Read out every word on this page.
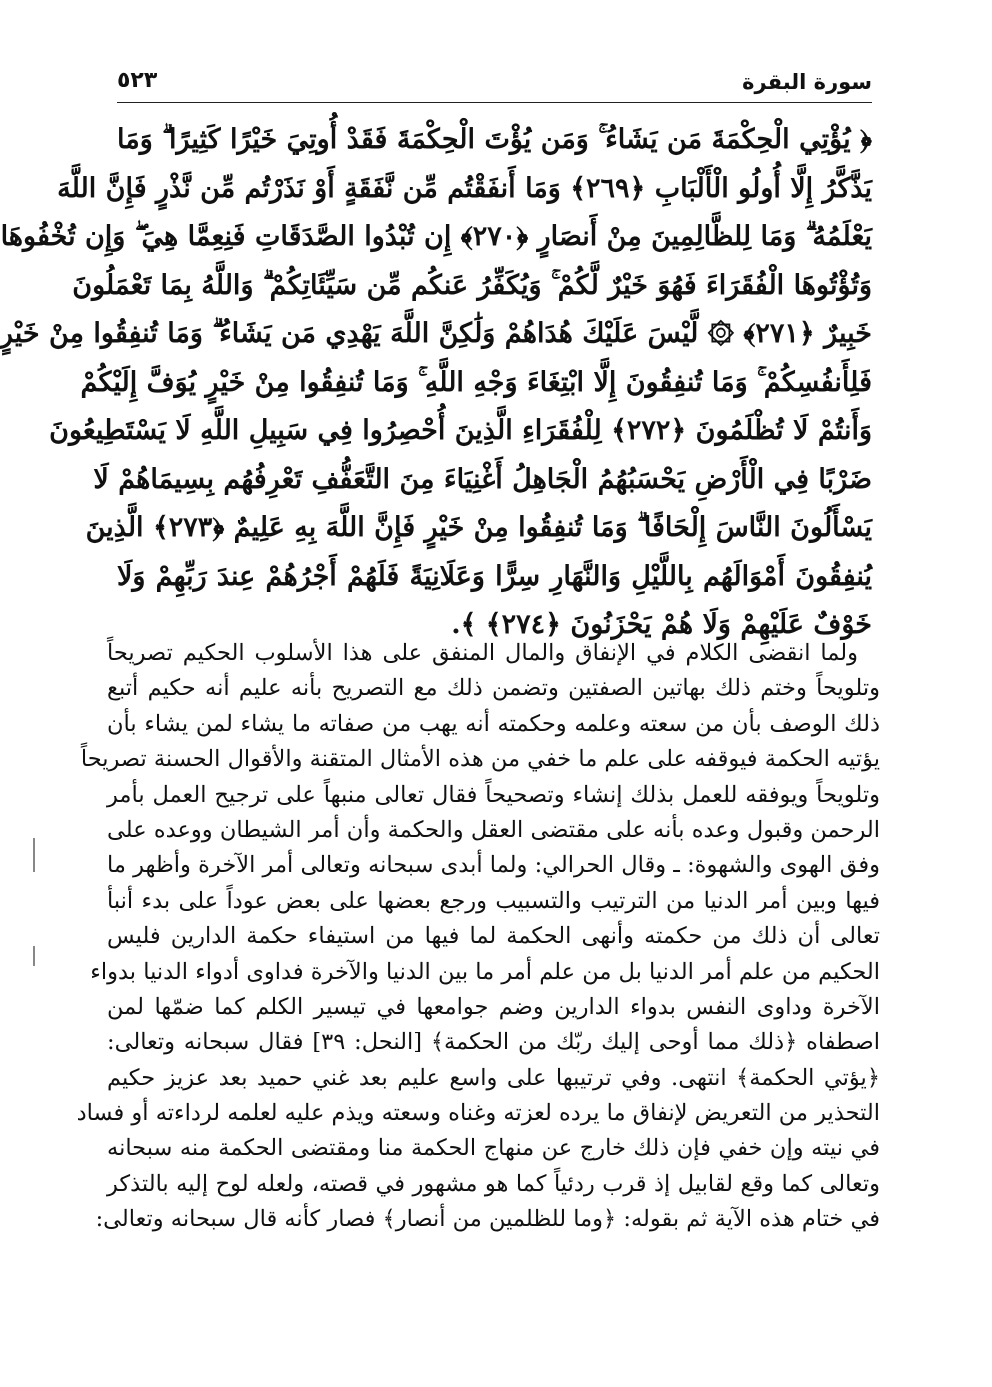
سورة البقرة
٥٢٣
﴿ يُؤْتِي الْحِكْمَةَ مَن يَشَاءُ ۚ وَمَن يُؤْتَ الْحِكْمَةَ فَقَدْ أُوتِيَ خَيْرًا كَثِيرًا ۗ وَمَا
يَذَّكَّرُ إِلَّا أُولُو الْأَلْبَابِ ﴿٢٦٩﴾ وَمَا أَنفَقْتُم مِّن نَّفَقَةٍ أَوْ نَذَرْتُم مِّن نَّذْرٍ فَإِنَّ اللَّهَ
يَعْلَمُهُ ۗ وَمَا لِلظَّالِمِينَ مِنْ أَنصَارٍ ﴿٢٧٠﴾ إِن تُبْدُوا الصَّدَقَاتِ فَنِعِمَّا هِيَ ۖ وَإِن تُخْفُوهَا
وَتُؤْتُوهَا الْفُقَرَاءَ فَهُوَ خَيْرٌ لَّكُمْ ۚ وَيُكَفِّرُ عَنكُم مِّن سَيِّئَاتِكُمْ ۗ وَاللَّهُ بِمَا تَعْمَلُونَ
خَبِيرٌ ﴿٢٧١﴾ ۞ لَّيْسَ عَلَيْكَ هُدَاهُمْ وَلَٰكِنَّ اللَّهَ يَهْدِي مَن يَشَاءُ ۗ وَمَا تُنفِقُوا مِنْ خَيْرٍ
فَلِأَنفُسِكُمْ ۚ وَمَا تُنفِقُونَ إِلَّا ابْتِغَاءَ وَجْهِ اللَّهِ ۚ وَمَا تُنفِقُوا مِنْ خَيْرٍ يُوَفَّ إِلَيْكُمْ
وَأَنتُمْ لَا تُظْلَمُونَ ﴿٢٧٢﴾ لِلْفُقَرَاءِ الَّذِينَ أُحْصِرُوا فِي سَبِيلِ اللَّهِ لَا يَسْتَطِيعُونَ
ضَرْبًا فِي الْأَرْضِ يَحْسَبُهُمُ الْجَاهِلُ أَغْنِيَاءَ مِنَ التَّعَفُّفِ تَعْرِفُهُم بِسِيمَاهُمْ لَا
يَسْأَلُونَ النَّاسَ إِلْحَافًا ۗ وَمَا تُنفِقُوا مِنْ خَيْرٍ فَإِنَّ اللَّهَ بِهِ عَلِيمٌ ﴿٢٧٣﴾ الَّذِينَ
يُنفِقُونَ أَمْوَالَهُم بِاللَّيْلِ وَالنَّهَارِ سِرًّا وَعَلَانِيَةً فَلَهُمْ أَجْرُهُمْ عِندَ رَبِّهِمْ وَلَا
خَوْفٌ عَلَيْهِمْ وَلَا هُمْ يَحْزَنُونَ ﴿٢٧٤﴾ ﴾.
ولما انقضى الكلام في الإنفاق والمال المنفق على هذا الأسلوب الحكيم تصريحاً
وتلويحاً وختم ذلك بهاتين الصفتين وتضمن ذلك مع التصريح بأنه عليم أنه حكيم أتبع
ذلك الوصف بأن من سعته وعلمه وحكمته أنه يهب من صفاته ما يشاء لمن يشاء بأن
يؤتيه الحكمة فيوقفه على علم ما خفي من هذه الأمثال المتقنة والأقوال الحسنة تصريحاً
وتلويحاً ويوفقه للعمل بذلك إنشاء وتصحيحاً فقال تعالى منبهاً على ترجيح العمل بأمر
الرحمن وقبول وعده بأنه على مقتضى العقل والحكمة وأن أمر الشيطان ووعده على
وفق الهوى والشهوة: ـ وقال الحرالي: ولما أبدى سبحانه وتعالى أمر الآخرة وأظهر ما
فيها وبين أمر الدنيا من الترتيب والتسبيب ورجع بعضها على بعض عوداً على بدء أنبأ
تعالى أن ذلك من حكمته وأنهى الحكمة لما فيها من استيفاء حكمة الدارين فليس
الحكيم من علم أمر الدنيا بل من علم أمر ما بين الدنيا والآخرة فداوى أدواء الدنيا بدواء
الآخرة وداوى النفس بدواء الدارين وضم جوامعها في تيسير الكلم كما ضمّها لمن
اصطفاه ﴿ذلك مما أوحى إليك ربّك من الحكمة﴾ [النحل: ٣٩] فقال سبحانه وتعالى:
﴿يؤتي الحكمة﴾ انتهى. وفي ترتيبها على واسع عليم بعد غني حميد بعد عزيز حكيم
التحذير من التعريض لإنفاق ما يرده لعزته وغناه وسعته ويذم عليه لعلمه لرداءته أو فساد
في نيته وإن خفي فإن ذلك خارج عن منهاج الحكمة منا ومقتضى الحكمة منه سبحانه
وتعالى كما وقع لقابيل إذ قرب ردئياً كما هو مشهور في قصته، ولعله لوح إليه بالتذكر
في ختام هذه الآية ثم بقوله: ﴿وما للظلمين من أنصار﴾ فصار كأنه قال سبحانه وتعالى:
